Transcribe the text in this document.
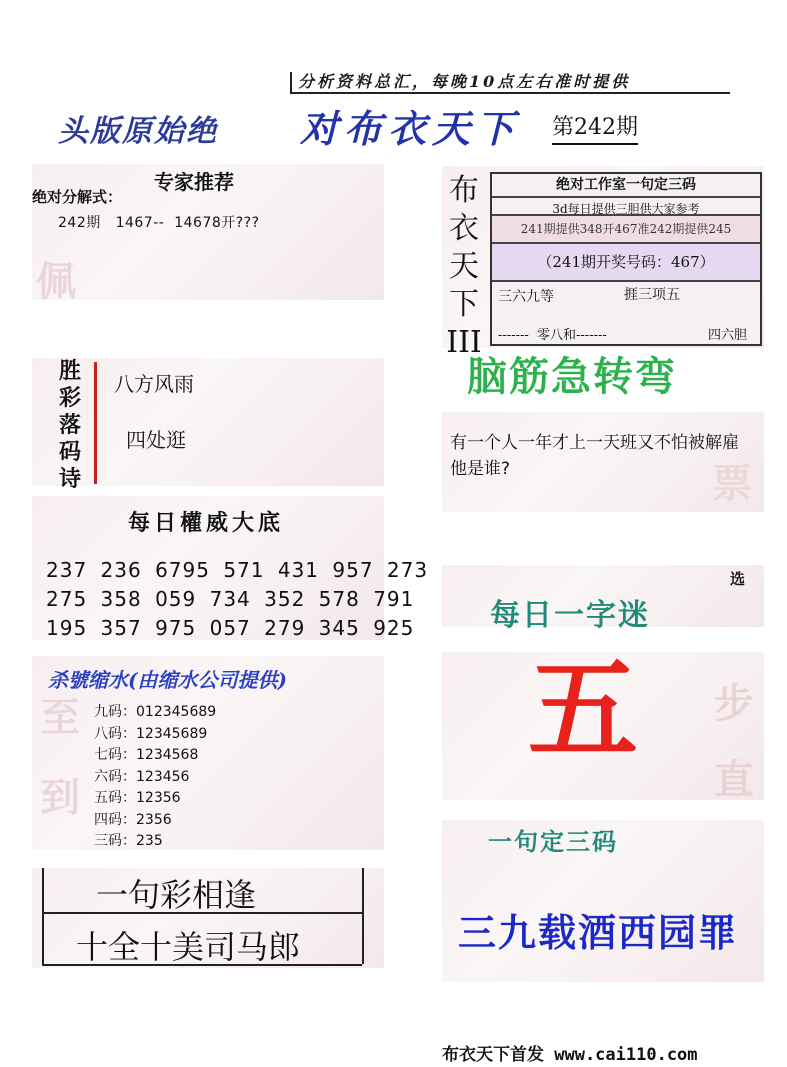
分析资料总汇，每晚10点左右准时提供
头版原始绝 对布衣天下 第242期
佩
专家推荐
绝对分解式：
242期   1467--  14678开???
胜彩落码诗
八方风雨
四处逛
每日權威大底
237 236 6795 571 431 957 273
275 358 059 734 352 578 791
195 357 975 057 279 345 925
至
到
杀號缩水(由缩水公司提供)
九码：012345689
八码：12345689
七码：1234568
六码：123456
五码：12356
四码：2356
三码：235
一句彩相逢
十全十美司马郎
布衣天下III
绝对工作室一句定三码
3d每日提供三胆供大家参考
241期提供348开467准242期提供245
（241期开奖号码：467）
三六九等	捱三项五
-------  零八和-------	四六胆
票
脑筋急转弯
有一个人一年才上一天班又不怕被解雇他是谁?
选
每日一字迷
步
直
五
一句定三码
三九载酒西园罪
布衣天下首发 www.cai110.com
